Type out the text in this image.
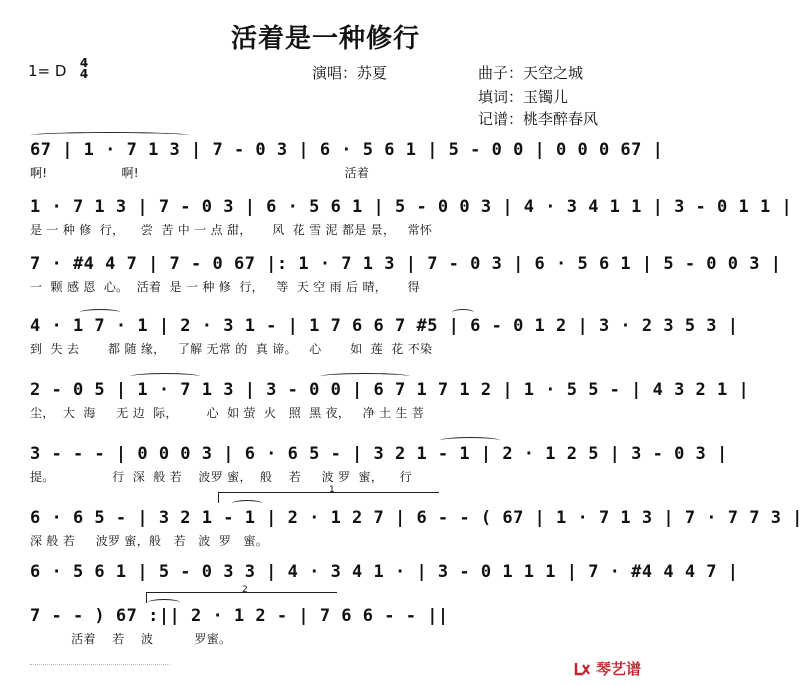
活着是一种修行
1= D 4
4	演唱：苏夏	曲子：天空之城
填词：玉镯儿
记谱：桃李醉春风
67 | 1 · 7 1 3 | 7 - 0 3 | 6 · 5 6 1 | 5 - 0 0 | 0 0 0 67 |
啊!                  啊!                                                  活着
1 · 7 1 3 | 7 - 0 3 | 6 · 5 6 1 | 5 - 0 0 3 | 4 · 3 4 1 1 | 3 - 0 1 1 |
是 一 种 修  行，    尝  苦 中 一 点 甜，     风  花 雪 泥 都是 景，   常怀
7 · #4 4 7 | 7 - 0 67 |: 1 · 7 1 3 | 7 - 0 3 | 6 · 5 6 1 | 5 - 0 0 3 |
一  颗 感 恩  心。  活着  是 一 种 修  行，   等  天 空 雨 后 晴，     得
4 · 1 7 · 1 | 2 · 3 1 - | 1 7 6 6 7 #5 | 6 - 0 1 2 | 3 · 2 3 5 3 |
到  失 去       都 随 缘，   了解 无常 的  真 谛。   心       如  莲  花 不染
2 - 0 5 | 1 · 7 1 3 | 3 - 0 0 | 6 7 1 7 1 2 | 1 · 5 5 - | 4 3 2 1 |
尘，  大  海     无 边  际，       心  如 萤  火   照  黑 夜，   净 土 生 菩
3 - - - | 0 0 0 3 | 6 · 6 5 - | 3 2 1 - 1 | 2 · 1 2 5 | 3 - 0 3 |
提。              行  深  般 若    波罗 蜜，  般    若     波 罗  蜜，    行
1
6 · 6 5 - | 3 2 1 - 1 | 2 · 1 2 7 | 6 - - ( 67 | 1 · 7 1 3 | 7 · 7 7 3 |
深 般 若     波罗 蜜，般   若   波  罗   蜜。
6 · 5 6 1 | 5 - 0 3 3 | 4 · 3 4 1 · | 3 - 0 1 1 1 | 7 · #4 4 4 7 |
2
7 - - ) 67 :|| 2 · 1 2 - | 7 6 6 - - ||
活着    若    波          罗蜜。
琴艺谱
